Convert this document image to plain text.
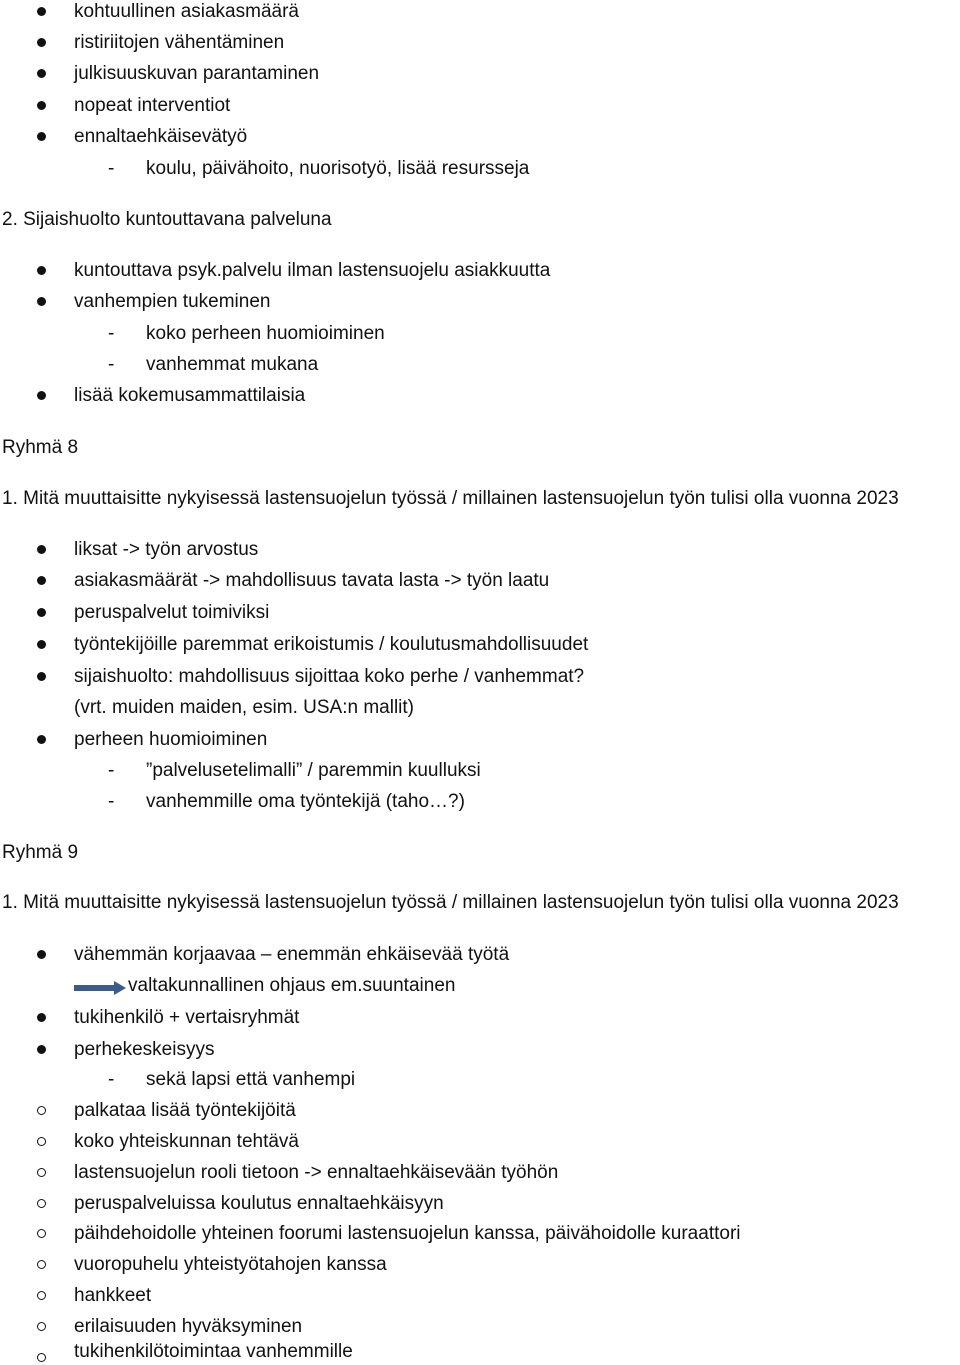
kohtuullinen asiakasmäärä
ristiriitojen vähentäminen
julkisuuskuvan parantaminen
nopeat interventiot
ennaltaehkäisevätyö
- koulu, päivähoito, nuorisotyö, lisää resursseja
2. Sijaishuolto kuntouttavana palveluna
kuntouttava psyk.palvelu ilman lastensuojelu asiakkuutta
vanhempien tukeminen
- koko perheen huomioiminen
- vanhemmat mukana
lisää kokemusammattilaisia
Ryhmä 8
1. Mitä muuttaisitte nykyisessä lastensuojelun työssä / millainen lastensuojelun työn tulisi olla vuonna 2023
liksat -> työn arvostus
asiakasmäärät -> mahdollisuus tavata lasta -> työn laatu
peruspalvelut toimiviksi
työntekijöille paremmat erikoistumis / koulutusmahdollisuudet
sijaishuolto: mahdollisuus sijoittaa koko perhe / vanhemmat?
(vrt. muiden maiden, esim. USA:n mallit)
perheen huomioiminen
- ”palvelusetelimalli” / paremmin kuulluksi
- vanhemmille oma työntekijä (taho…?)
Ryhmä 9
1. Mitä muuttaisitte nykyisessä lastensuojelun työssä / millainen lastensuojelun työn tulisi olla vuonna 2023
vähemmän korjaavaa – enemmän ehkäisevää työtä
valtakunnallinen ohjaus em.suuntainen
tukihenkilö + vertaisryhmät
perhekeskeisyys
- sekä lapsi että vanhempi
palkataa lisää työntekijöitä
koko yhteiskunnan tehtävä
lastensuojelun rooli tietoon -> ennaltaehkäisevään työhön
peruspalveluissa koulutus ennaltaehkäisyyn
päihdehoidolle yhteinen foorumi lastensuojelun kanssa, päivähoidolle kuraattori
vuoropuhelu yhteistyötahojen kanssa
hankkeet
erilaisuuden hyväksyminen
tukihenkilötoimintaa vanhemmille
